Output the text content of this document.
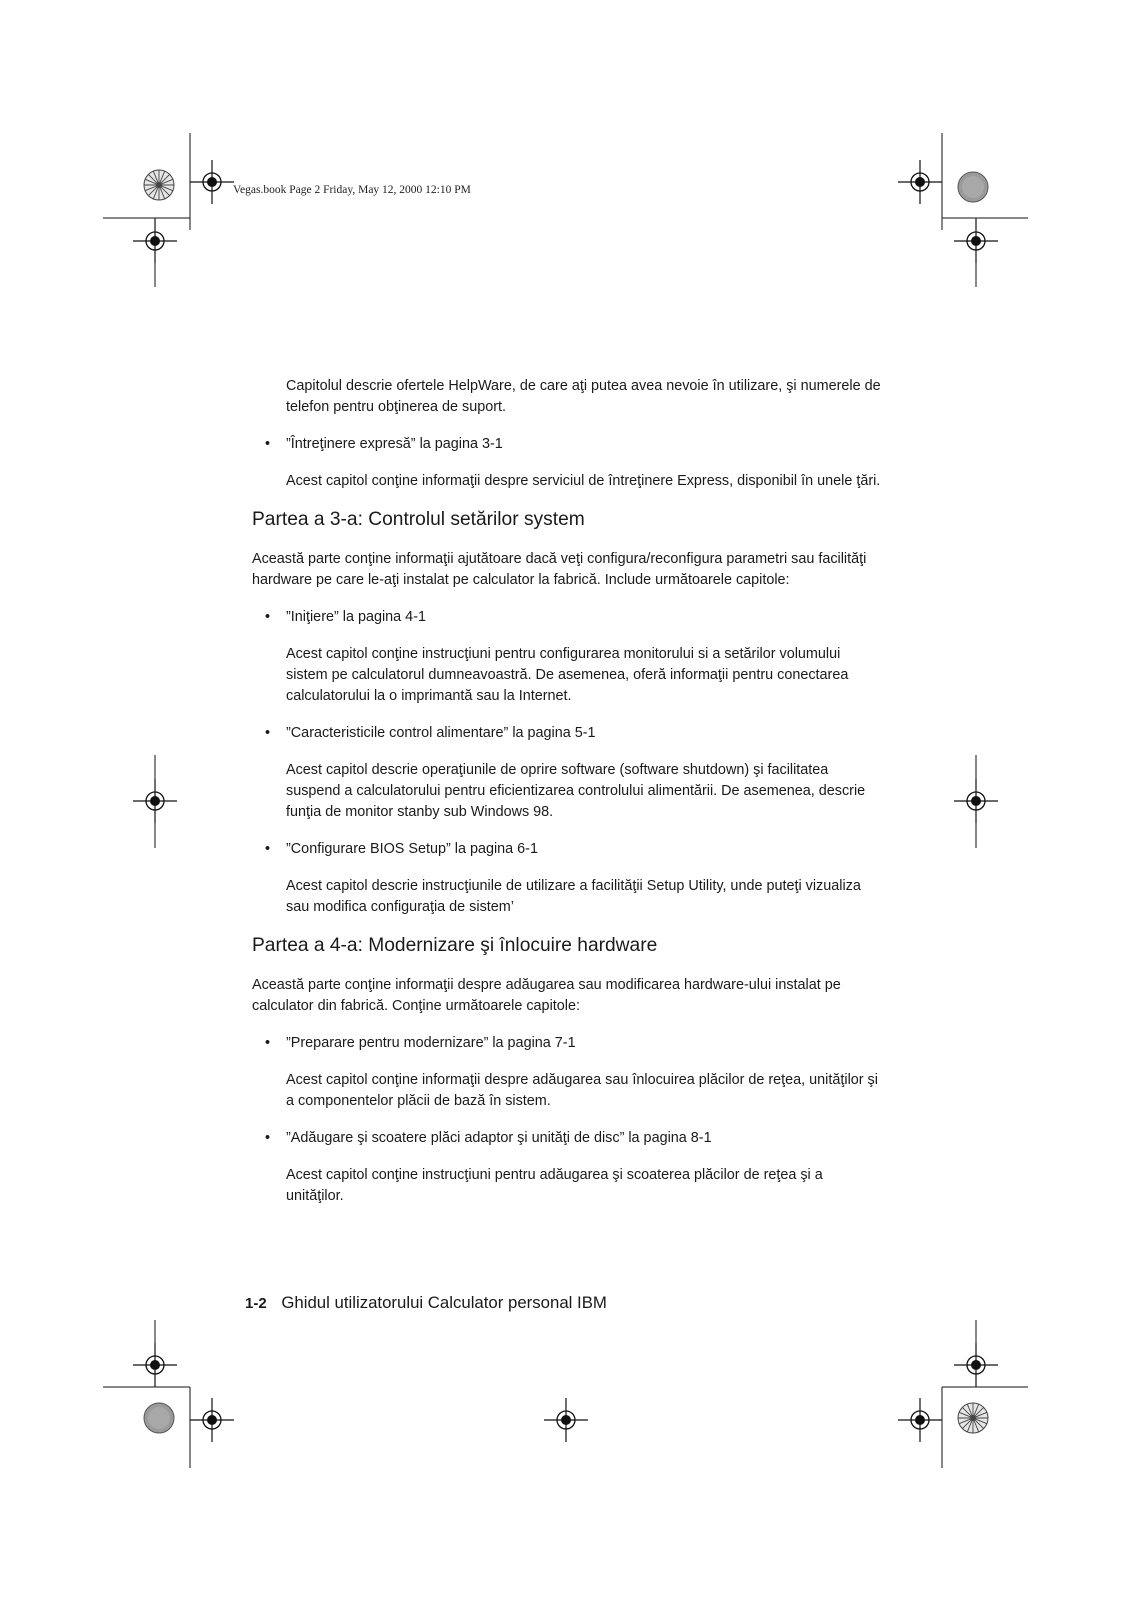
Vegas.book Page 2 Friday, May 12, 2000 12:10 PM

Capitolul descrie ofertele HelpWare, de care aţi putea avea nevoie în utilizare, şi numerele de telefon pentru obţinerea de suport.

• ”Întreţinere expresă” la pagina 3-1

Acest capitol conţine informaţii despre serviciul de întreţinere Express, disponibil în unele ţări.

Partea a 3-a: Controlul setărilor system

Această parte conţine informaţii ajutătoare dacă veţi configura/reconfigura parametri sau facilităţi hardware pe care le-aţi instalat pe calculator la fabrică. Include următoarele capitole:

• ”Iniţiere” la pagina 4-1

Acest capitol conţine instrucţiuni pentru configurarea monitorului si a setărilor volumului sistem pe calculatorul dumneavoastră. De asemenea, oferă informaţii pentru conectarea calculatorului la o imprimantă sau la Internet.

• ”Caracteristicile control alimentare” la pagina 5-1

Acest capitol descrie operaţiunile de oprire software (software shutdown) şi facilitatea suspend a calculatorului pentru eficientizarea controlului alimentării. De asemenea, descrie funţia de monitor stanby sub Windows 98.

• ”Configurare BIOS Setup” la pagina 6-1

Acest capitol descrie instrucţiunile de utilizare a facilităţii Setup Utility, unde puteţi vizualiza sau modifica configuraţia de sistem’

Partea a 4-a: Modernizare şi înlocuire hardware

Această parte conţine informaţii despre adăugarea sau modificarea hardware-ului instalat pe calculator din fabrică. Conţine următoarele capitole:

• ”Preparare pentru modernizare” la pagina 7-1

Acest capitol conţine informaţii despre adăugarea sau înlocuirea plăcilor de reţea, unităţilor şi a componentelor plăcii de bază în sistem.

• ”Adăugare şi scoatere plăci adaptor şi unităţi de disc” la pagina 8-1

Acest capitol conţine instrucţiuni pentru adăugarea şi scoaterea plăcilor de reţea şi a unităţilor.

1-2 Ghidul utilizatorului Calculator personal IBM
